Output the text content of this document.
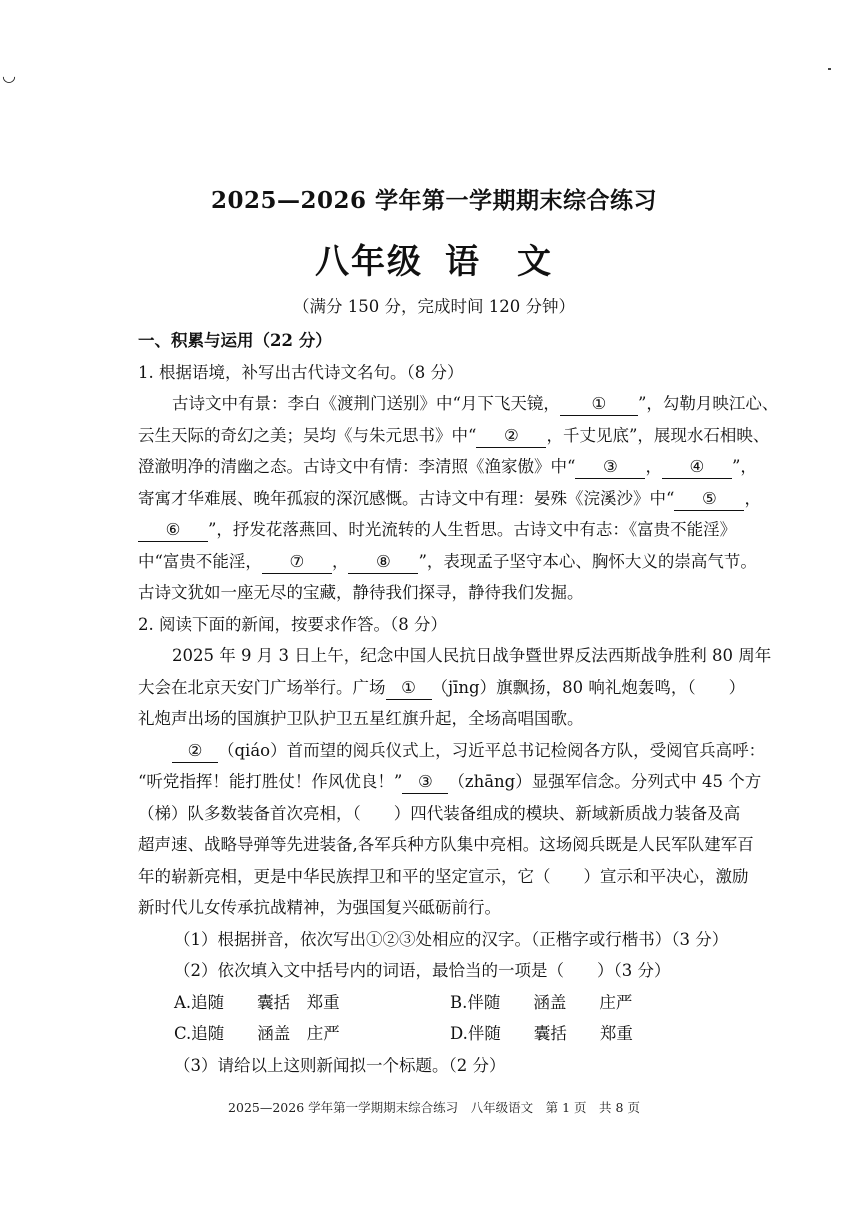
◡
2025—2026 学年第一学期期末综合练习
八年级 语　文
（满分 150 分，完成时间 120 分钟）
一、积累与运用（22 分）
1. 根据语境，补写出古代诗文名句。（8 分）
古诗文中有景：李白《渡荆门送别》中“月下飞天镜， ① ”，勾勒月映江心、
云生天际的奇幻之美；吴均《与朱元思书》中“ ② ，千丈见底”，展现水石相映、
澄澈明净的清幽之态。古诗文中有情：李清照《渔家傲》中“ ③ ， ④ ”，
寄寓才华难展、晚年孤寂的深沉感慨。古诗文中有理：晏殊《浣溪沙》中“ ⑤ ，
⑥ ”，抒发花落燕回、时光流转的人生哲思。古诗文中有志：《富贵不能淫》
中“富贵不能淫， ⑦ ， ⑧ ”，表现孟子坚守本心、胸怀大义的崇高气节。
古诗文犹如一座无尽的宝藏，静待我们探寻，静待我们发掘。
2. 阅读下面的新闻，按要求作答。（8 分）
2025 年 9 月 3 日上午，纪念中国人民抗日战争暨世界反法西斯战争胜利 80 周年
大会在北京天安门广场举行。广场 ① （jīng）旗飘扬，80 响礼炮轰鸣，（　　）
礼炮声出场的国旗护卫队护卫五星红旗升起，全场高唱国歌。
② （qiáo）首而望的阅兵仪式上，习近平总书记检阅各方队，受阅官兵高呼：
“听党指挥！能打胜仗！作风优良！” ③ （zhāng）显强军信念。分列式中 45 个方
（梯）队多数装备首次亮相，（　　）四代装备组成的模块、新域新质战力装备及高
超声速、战略导弹等先进装备,各军兵种方队集中亮相。这场阅兵既是人民军队建军百
年的崭新亮相，更是中华民族捍卫和平的坚定宣示，它（　　）宣示和平决心，激励
新时代儿女传承抗战精神，为强国复兴砥砺前行。
（1）根据拼音，依次写出①②③处相应的汉字。（正楷字或行楷书）（3 分）
（2）依次填入文中括号内的词语，最恰当的一项是（　　）（3 分）
A.追随　　囊括　郑重	B.伴随　　涵盖　　庄严
C.追随　　涵盖　庄严	D.伴随　　囊括　　郑重
（3）请给以上这则新闻拟一个标题。（2 分）
2025—2026 学年第一学期期末综合练习　八年级语文　第 1 页　共 8 页
